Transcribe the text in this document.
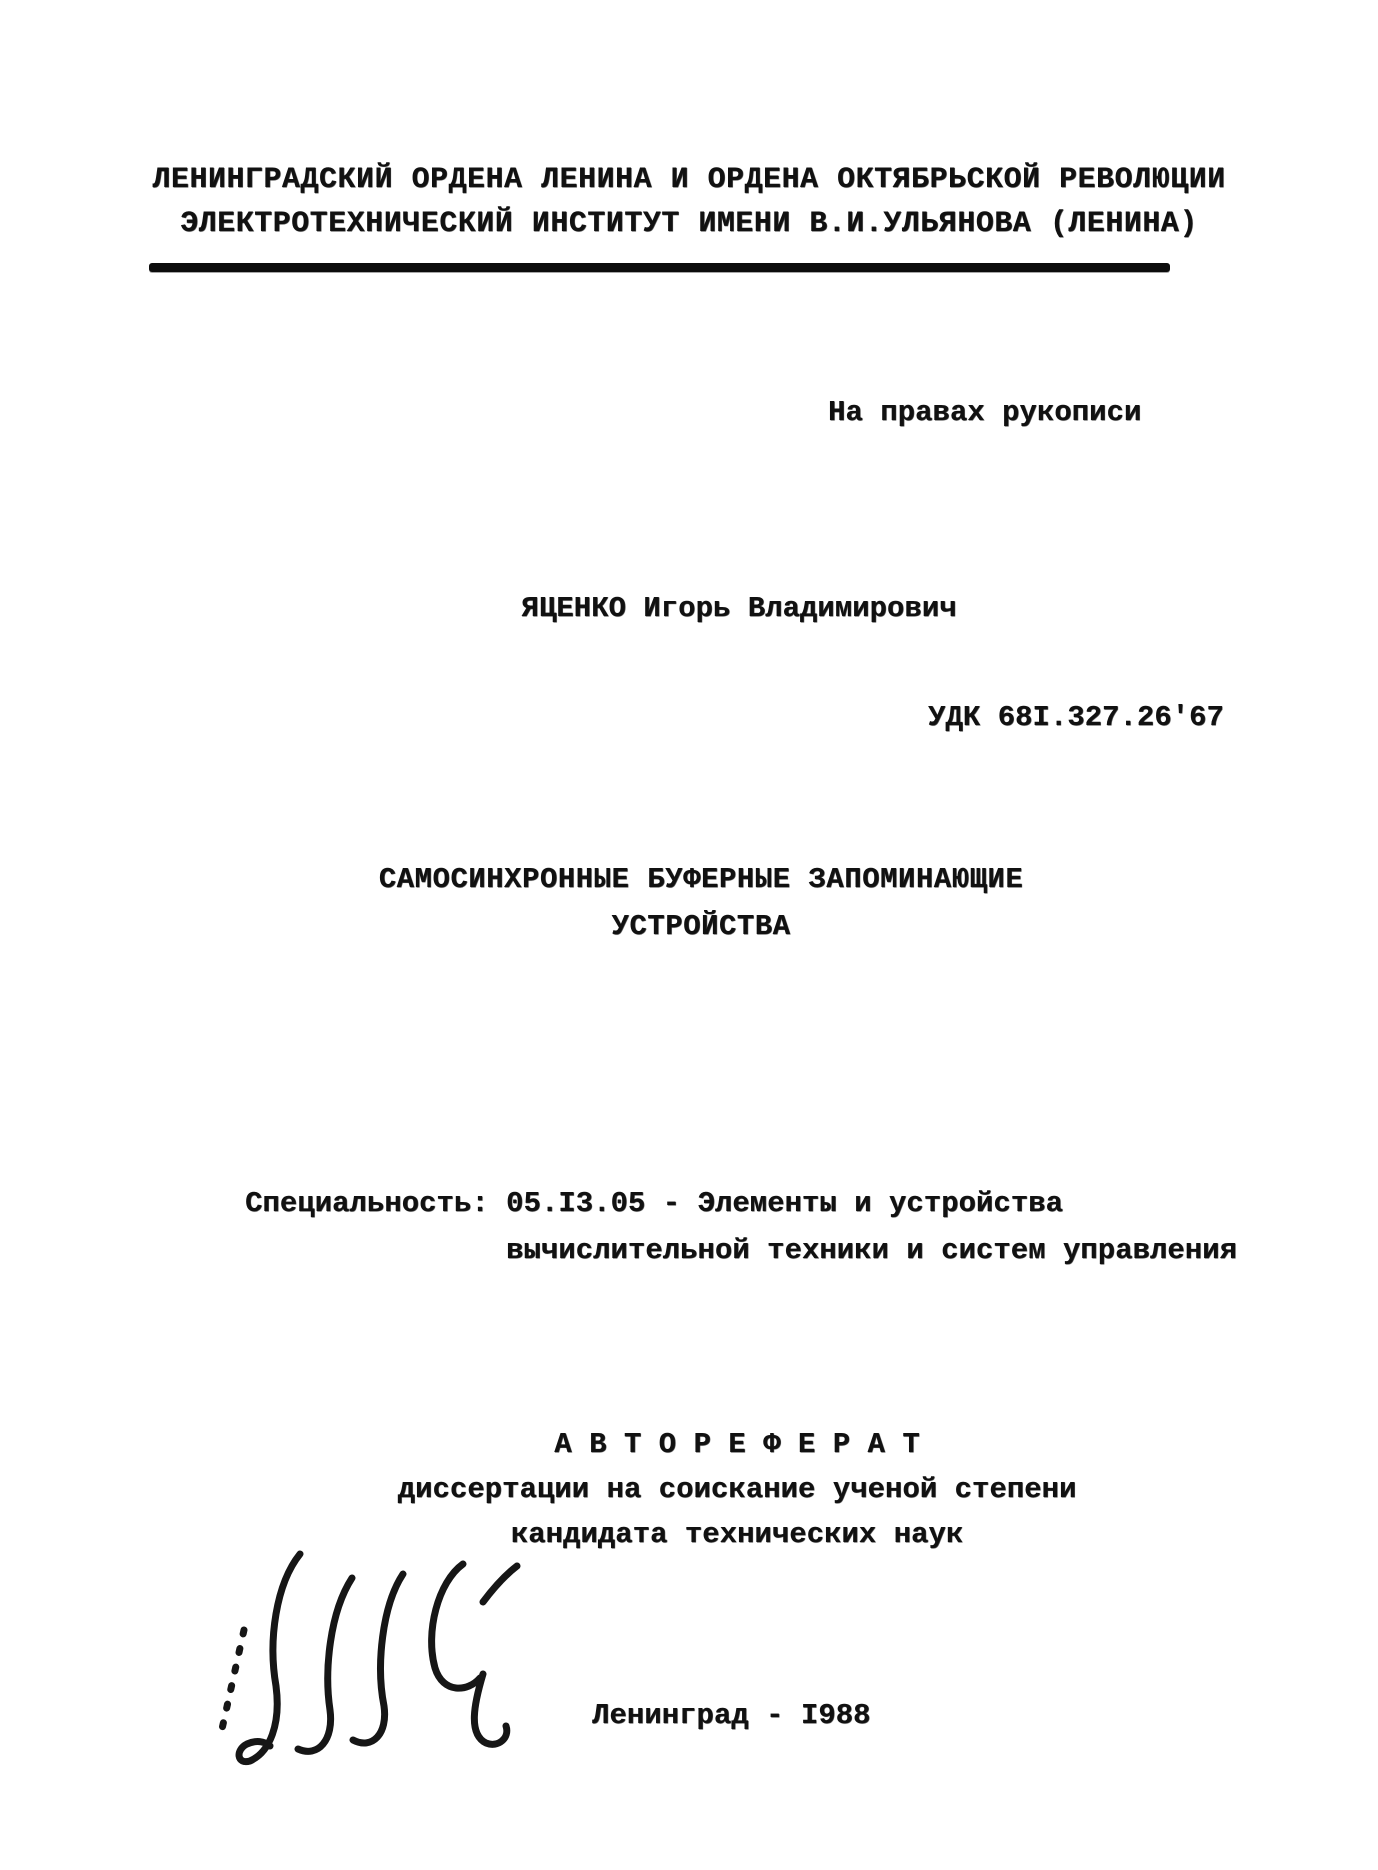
ЛЕНИНГРАДСКИЙ ОРДЕНА ЛЕНИНА И ОРДЕНА ОКТЯБРЬСКОЙ РЕВОЛЮЦИИ
ЭЛЕКТРОТЕХНИЧЕСКИЙ ИНСТИТУТ ИМЕНИ В.И.УЛЬЯНОВА (ЛЕНИНА)
На правах рукописи
ЯЦЕНКО Игорь Владимирович
УДК 68I.327.26'67
САМОСИНХРОННЫЕ БУФЕРНЫЕ ЗАПОМИНАЮЩИЕ
УСТРОЙСТВА
Специальность: 05.I3.05 - Элементы и устройства
вычислительной техники и систем управления
А В Т О Р Е Ф Е Р А Т
диссертации на соискание ученой степени
кандидата технических наук
Ленинград - I988
